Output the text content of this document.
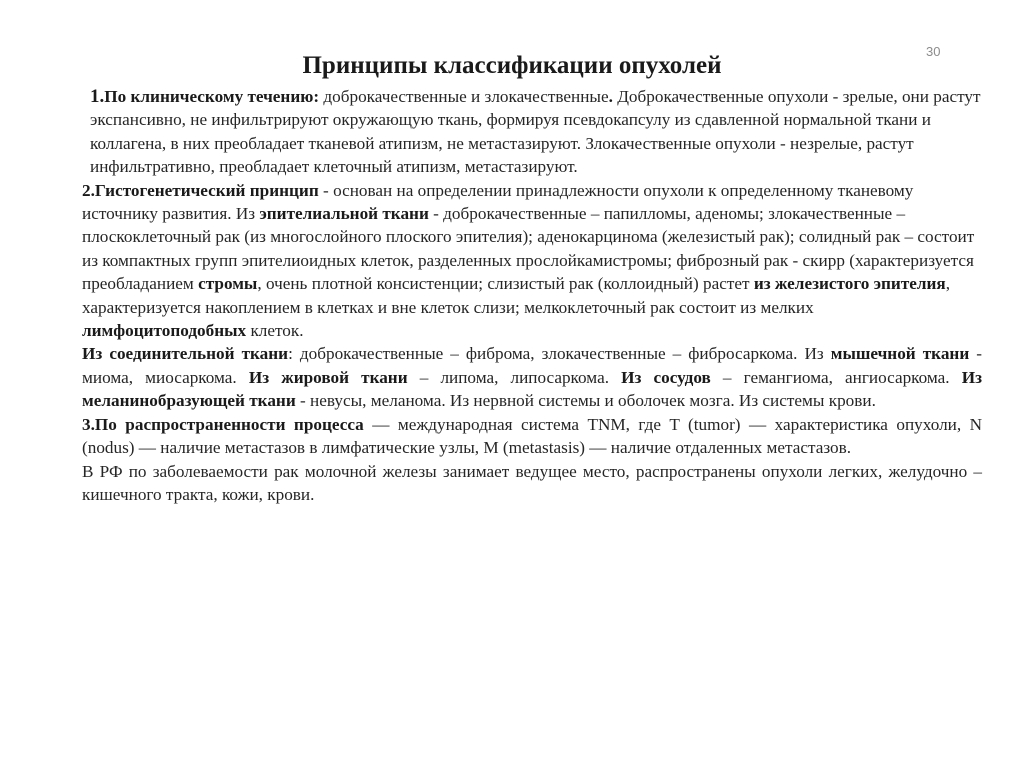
30
Принципы классификации опухолей

1.По клиническому течению: доброкачественные и злокачественные. Доброкачественные опухоли - зрелые, они растут экспансивно, не инфильтрируют окружающую ткань, формируя псевдокапсулу из сдавленной нормальной ткани и коллагена, в них преобладает тканевой атипизм, не метастазируют. Злокачественные опухоли - незрелые, растут инфильтративно, преобладает клеточный атипизм, метастазируют.

2.Гистогенетический принцип - основан на определении принадлежности опухоли к определенному тканевому источнику развития. Из эпителиальной ткани - доброкачественные – папилломы, аденомы; злокачественные – плоскоклеточный рак (из многослойного плоского эпителия); аденокарцинома (железистый рак); солидный рак – состоит из компактных групп эпителиоидных клеток, разделенных прослойкамистромы; фиброзный рак - скирр (характеризуется преобладанием стромы, очень плотной консистенции; слизистый рак (коллоидный) растет из железистого эпителия, характеризуется накоплением в клетках и вне клеток слизи; мелкоклеточный рак состоит из мелких лимфоцитоподобных клеток.

Из соединительной ткани: доброкачественные – фиброма, злокачественные – фибросаркома. Из мышечной ткани - миома, миосаркома. Из жировой ткани – липома, липосаркома. Из сосудов – гемангиома, ангиосаркома. Из меланинобразующей ткани - невусы, меланома. Из нервной системы и оболочек мозга. Из системы крови.

3.По распространенности процесса — международная система TNM, где T (tumor) — характеристика опухоли, N (nodus) — наличие метастазов в лимфатические узлы, M (metastasis) — наличие отдаленных метастазов.

В РФ по заболеваемости рак молочной железы занимает ведущее место, распространены опухоли легких, желудочно – кишечного тракта, кожи, крови.
